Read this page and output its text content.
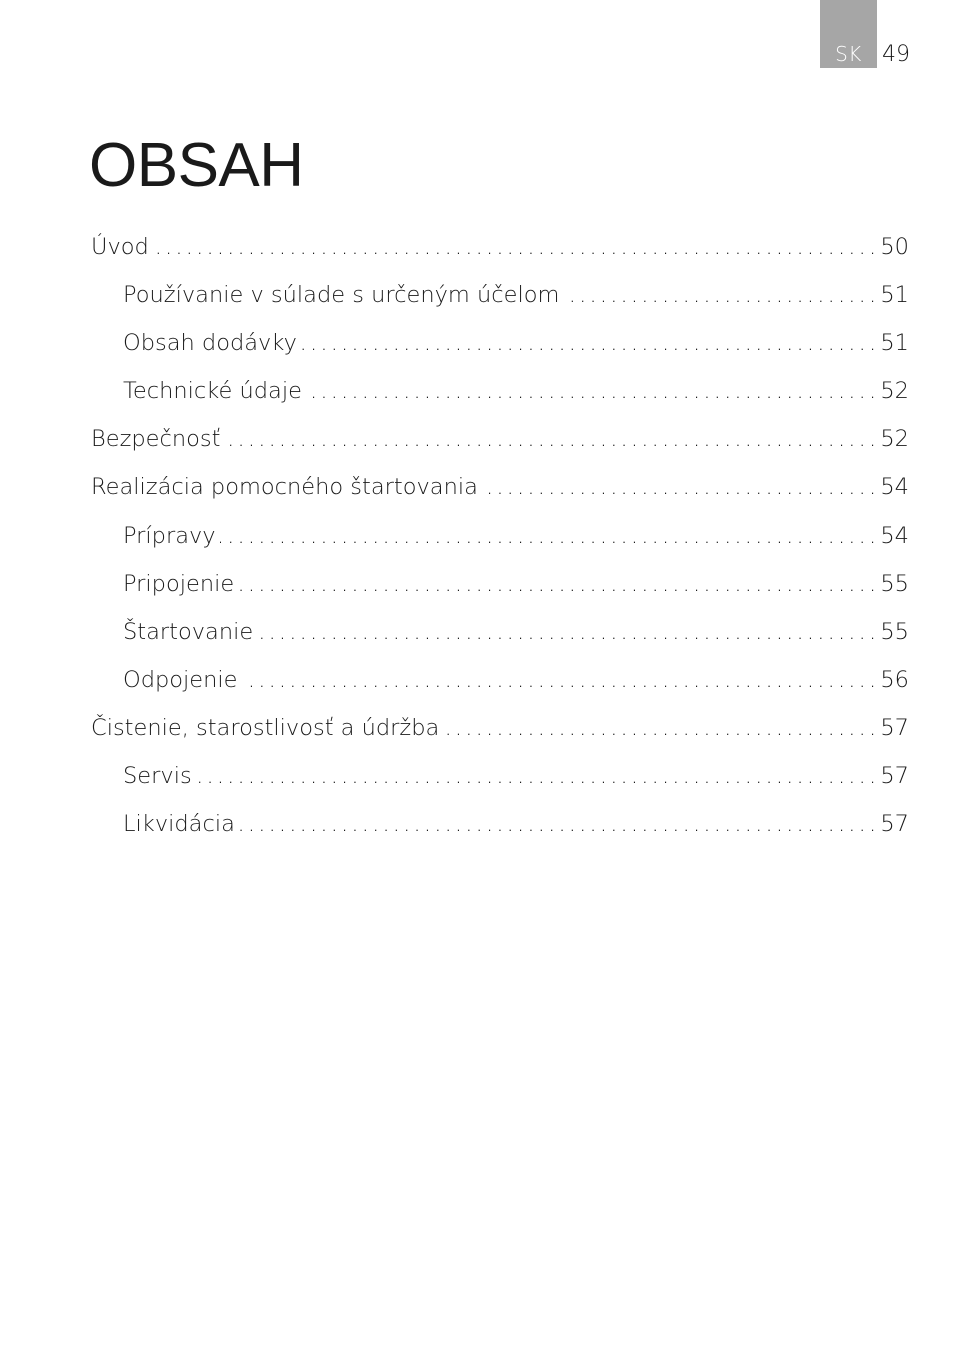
SK 49
OBSAH
Úvod .....	50
Používanie v súlade s určeným účelom .....	51
Obsah dodávky .....	51
Technické údaje .....	52
Bezpečnosť .....	52
Realizácia pomocného štartovania .....	54
Prípravy .....	54
Pripojenie .....	55
Štartovanie .....	55
Odpojenie .....	56
Čistenie, starostlivosť a údržba .....	57
Servis .....	57
Likvidácia .....	57
